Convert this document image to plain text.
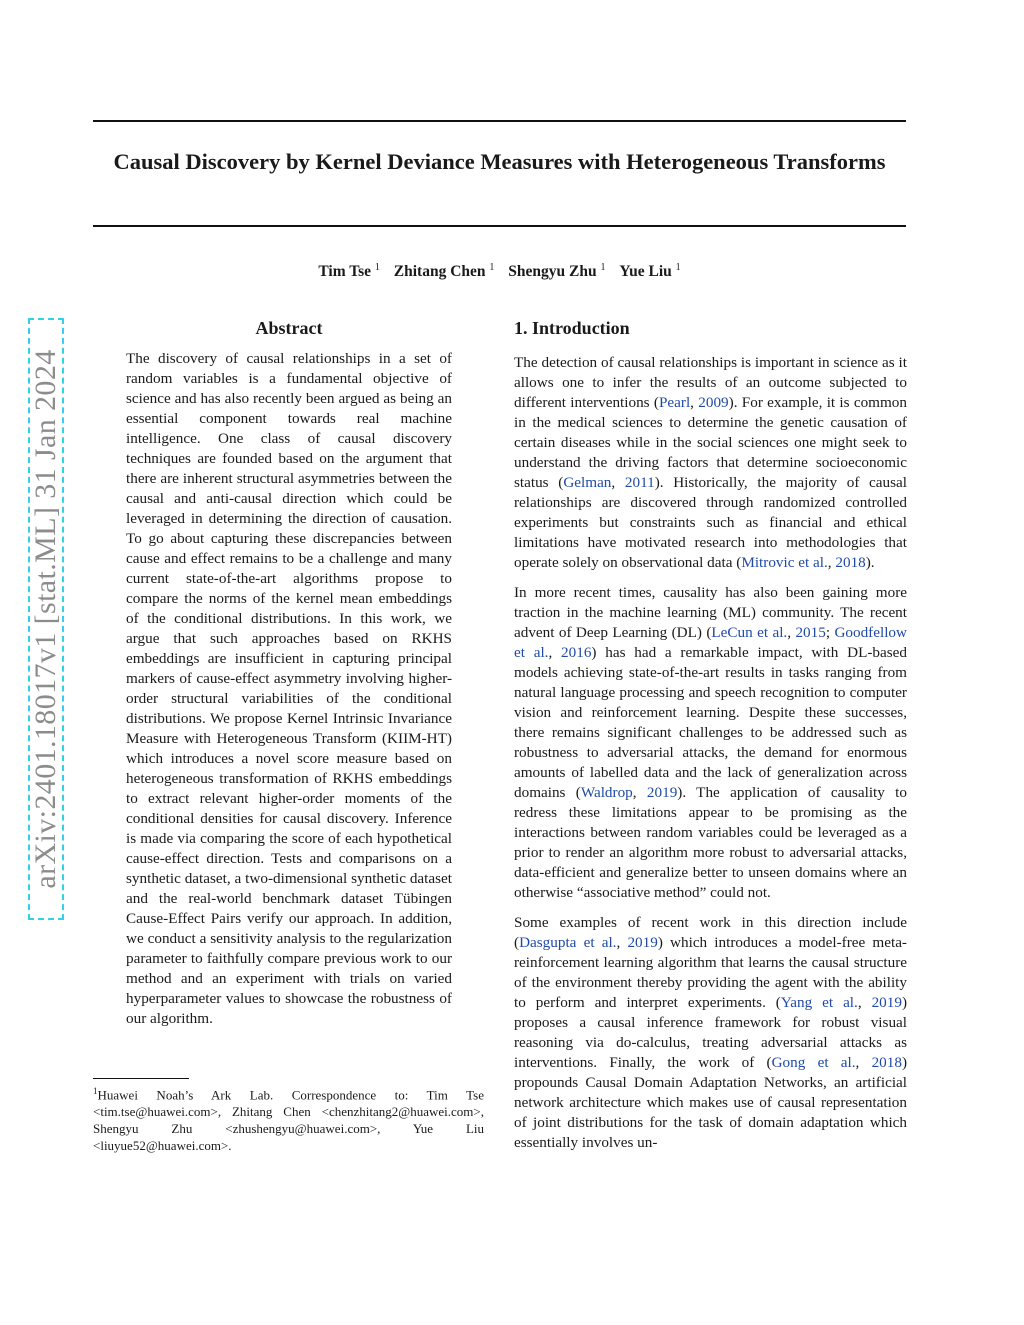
Causal Discovery by Kernel Deviance Measures with Heterogeneous Transforms

Tim Tse $^1$ Zhitang Chen $^1$ Shengyu Zhu $^1$ Yue Liu $^1$

arXiv:2401.18017v1 [stat.ML] 31 Jan 2024
Abstract

The discovery of causal relationships in a set of random variables is a fundamental objective of science and has also recently been argued as being an essential component towards real machine intelligence. One class of causal discovery techniques are founded based on the argument that there are inherent structural asymmetries between the causal and anti-causal direction which could be leveraged in determining the direction of causation. To go about capturing these discrepancies between cause and effect remains to be a challenge and many current state-of-the-art algorithms propose to compare the norms of the kernel mean embeddings of the conditional distributions. In this work, we argue that such approaches based on RKHS embeddings are insufficient in capturing principal markers of cause-effect asymmetry involving higher-order structural variabilities of the conditional distributions. We propose Kernel Intrinsic Invariance Measure with Heterogeneous Transform (KIIM-HT) which introduces a novel score measure based on heterogeneous transformation of RKHS embeddings to extract relevant higher-order moments of the conditional densities for causal discovery. Inference is made via comparing the score of each hypothetical cause-effect direction. Tests and comparisons on a synthetic dataset, a two-dimensional synthetic dataset and the real-world benchmark dataset Tübingen Cause-Effect Pairs verify our approach. In addition, we conduct a sensitivity analysis to the regularization parameter to faithfully compare previous work to our method and an experiment with trials on varied hyperparameter values to showcase the robustness of our algorithm.

$^1$Huawei Noah’s Ark Lab. Correspondence to: Tim Tse <tim.tse@huawei.com>, Zhitang Chen <chenzhitang2@huawei.com>, Shengyu Zhu <zhushengyu@huawei.com>, Yue Liu <liuyue52@huawei.com>.

1. Introduction

The detection of causal relationships is important in science as it allows one to infer the results of an outcome subjected to different interventions (Pearl, 2009). For example, it is common in the medical sciences to determine the genetic causation of certain diseases while in the social sciences one might seek to understand the driving factors that determine socioeconomic status (Gelman, 2011). Historically, the majority of causal relationships are discovered through randomized controlled experiments but constraints such as financial and ethical limitations have motivated research into methodologies that operate solely on observational data (Mitrovic et al., 2018).

In more recent times, causality has also been gaining more traction in the machine learning (ML) community. The recent advent of Deep Learning (DL) (LeCun et al., 2015; Goodfellow et al., 2016) has had a remarkable impact, with DL-based models achieving state-of-the-art results in tasks ranging from natural language processing and speech recognition to computer vision and reinforcement learning. Despite these successes, there remains significant challenges to be addressed such as robustness to adversarial attacks, the demand for enormous amounts of labelled data and the lack of generalization across domains (Waldrop, 2019). The application of causality to redress these limitations appear to be promising as the interactions between random variables could be leveraged as a prior to render an algorithm more robust to adversarial attacks, data-efficient and generalize better to unseen domains where an otherwise “associative method” could not.

Some examples of recent work in this direction include (Dasgupta et al., 2019) which introduces a model-free meta-reinforcement learning algorithm that learns the causal structure of the environment thereby providing the agent with the ability to perform and interpret experiments. (Yang et al., 2019) proposes a causal inference framework for robust visual reasoning via do-calculus, treating adversarial attacks as interventions. Finally, the work of (Gong et al., 2018) propounds Causal Domain Adaptation Networks, an artificial network architecture which makes use of causal representation of joint distributions for the task of domain adaptation which essentially involves un-
